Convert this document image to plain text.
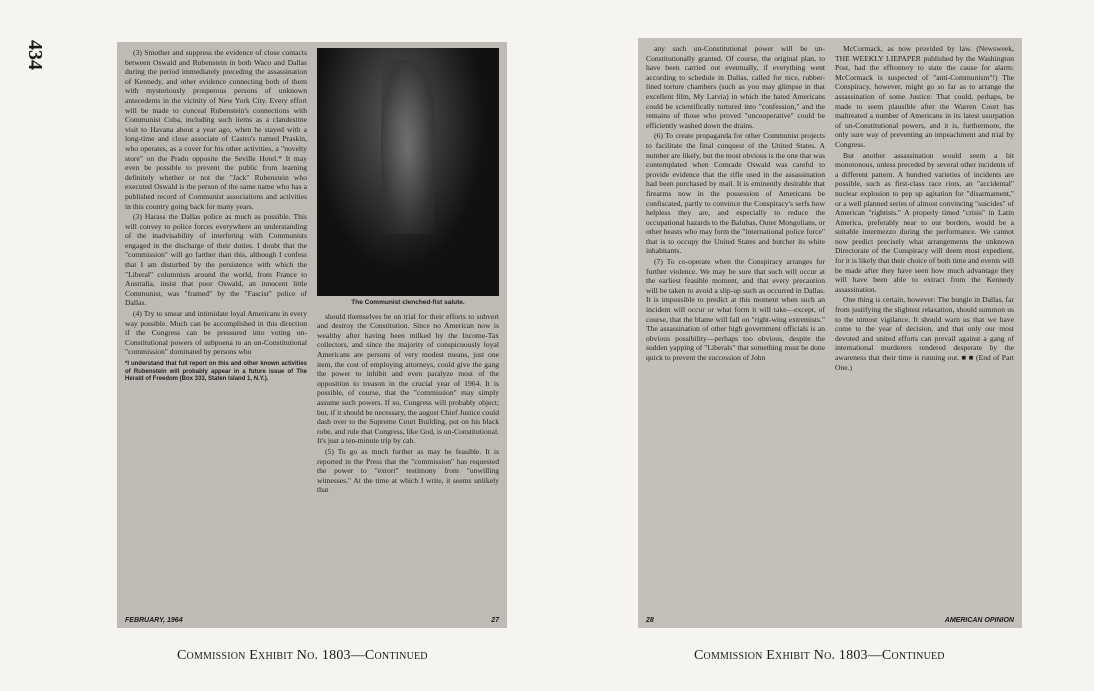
434	(3) Smother and suppress the evidence of close contacts between Oswald and Rubenstein in both Waco and Dallas during the period immediately preceding the assassination of Kennedy, and other evidence connecting both of them with mysteriously prosperous persons of unknown antecedents in the vicinity of New York City. Every effort will be made to conceal Rubenstein's connections with Communist Cuba, including such items as a clandestine visit to Havana about a year ago, when he stayed with a long-time and close associate of Castro's named Praskin, who operates, as a cover for his other activities, a "novelty store" on the Prado opposite the Seville Hotel.* It may even be possible to prevent the public from learning definitely whether or not the "Jack" Rubenstein who executed Oswald is the person of the same name who has a published record of Communist associations and activities in this country going back for many years.

(3) Harass the Dallas police as much as possible. This will convey to police forces everywhere an understanding of the inadvisability of interfering with Communists engaged in the discharge of their duties. I doubt that the "commission" will go farther than this, although I confess that I am disturbed by the persistence with which the "Liberal" columnists around the world, from France to Australia, insist that poor Oswald, an innocent little Communist, was "framed" by the "Fascist" police of Dallas.

(4) Try to smear and intimidate loyal Americans in every way possible. Much can be accomplished in this direction if the Congress can be pressured into voting un-Constitutional powers of subpoena to an un-Constitutional "commission" dominated by persons who

*I understand that full report on this and other known activities of Rubenstein will probably appear in a future issue of The Herald of Freedom (Box 333, Staten Island 1, N.Y.).
The Communist clenched-fist salute.

should themselves be on trial for their efforts to subvert and destroy the Constitution. Since no American now is wealthy after having been milked by the Income-Tax collectors, and since the majority of conspicuously loyal Americans are persons of very modest means, just one item, the cost of employing attorneys, could give the gang the power to inhibit and even paralyze most of the opposition to treason in the crucial year of 1964. It is possible, of course, that the "commission" may simply assume such powers. If so, Congress will probably object; but, if it should be necessary, the august Chief Justice could dash over to the Supreme Court Building, put on his black robe, and rule that Congress, like God, is un-Constitutional. It's just a ten-minute trip by cab.

(5) To go as much further as may be feasible. It is reported in the Press that the "commission" has requested the power to "extort" testimony from "unwilling witnesses." At the time at which I write, it seems unlikely that

FEBRUARY, 1964	27

any such un-Constitutional power will be un-Constitutionally granted. Of course, the original plan, to have been carried out eventually, if everything went according to schedule in Dallas, called for nice, rubber-lined torture chambers (such as you may glimpse in that excellent film, My Latvia) in which the hated Americans could be scientifically tortured into "confession," and the remains of those who proved "uncooperative" could be efficiently washed down the drains.

(6) To create propaganda for other Communist projects to facilitate the final conquest of the United States. A number are likely, but the most obvious is the one that was contemplated when Comrade Oswald was careful to provide evidence that the rifle used in the assassination had been purchased by mail. It is eminently desirable that firearms now in the possession of Americans be confiscated, partly to convince the Conspiracy's serfs how helpless they are, and especially to reduce the occupational hazards to the Balubas, Outer Mongolians, or other beasts who may form the "international police force" that is to occupy the United States and butcher its white inhabitants.

(7) To co-operate when the Conspiracy arranges for further violence. We may be sure that such will occur at the earliest feasible moment, and that every precaution will be taken to avoid a slip-up such as occurred in Dallas. It is impossible to predict at this moment when such an incident will occur or what form it will take—except, of course, that the blame will fall on "right-wing extremists." The assassination of other high government officials is an obvious possibility—perhaps too obvious, despite the sudden yapping of "Liberals" that something must be done quick to prevent the succession of John

McCormack, as now provided by law. (Newsweek, THE WEEKLY LIEPAPER published by the Washington Post, had the effrontery to state the cause for alarm: McCormack is suspected of "anti-Communism"!) The Conspiracy, however, might go so far as to arrange the assassination of some Justice: That could, perhaps, be made to seem plausible after the Warren Court has maltreated a number of Americans in its latest usurpation of un-Constitutional powers, and it is, furthermore, the only sure way of preventing an impeachment and trial by Congress.

But another assassination would seem a bit monotonous, unless preceded by several other incidents of a different pattern. A hundred varieties of incidents are possible, such as first-class race riots, an "accidental" nuclear explosion to pep up agitation for "disarmament," or a well planned series of almost convincing "suicides" of American "rightists." A properly timed "crisis" in Latin America, preferably near to our borders, would be a suitable intermezzo during the performance. We cannot now predict precisely what arrangements the unknown Directorate of the Conspiracy will deem most expedient, for it is likely that their choice of both time and events will be made after they have seen how much advantage they will have been able to extract from the Kennedy assassination.

One thing is certain, however: The bungle in Dallas, far from justifying the slightest relaxation, should summon us to the utmost vigilance. It should warn us that we have come to the year of decision, and that only our most devoted and united efforts can prevail against a gang of international murderers rendered desperate by the awareness that their time is running out. ■ ■ (End of Part One.)

28	AMERICAN OPINION
Commission Exhibit No. 1803—Continued	Commission Exhibit No. 1803—Continued
